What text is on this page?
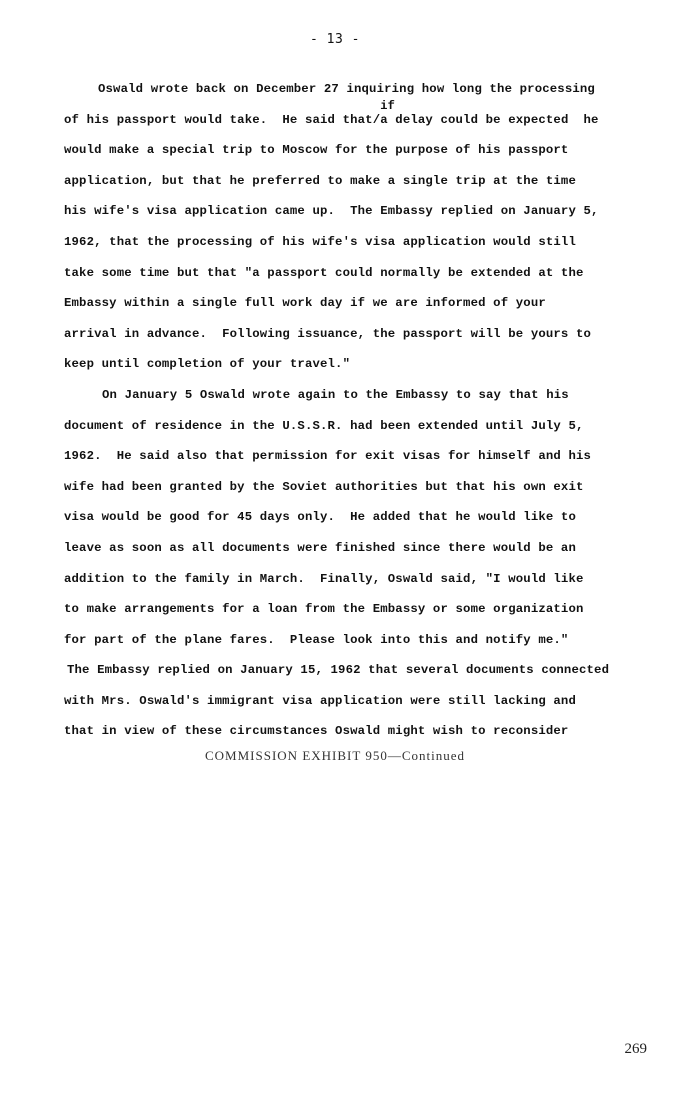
- 13 -
Oswald wrote back on December 27 inquiring how long the processing
of his passport would take.  He said that/
if
a delay could be expected  he
would make a special trip to Moscow for the purpose of his passport
application, but that he preferred to make a single trip at the time
his wife's visa application came up.  The Embassy replied on January 5,
1962, that the processing of his wife's visa application would still
take some time but that "a passport could normally be extended at the
Embassy within a single full work day if we are informed of your
arrival in advance.  Following issuance, the passport will be yours to
keep until completion of your travel."
On January 5 Oswald wrote again to the Embassy to say that his
document of residence in the U.S.S.R. had been extended until July 5,
1962.  He said also that permission for exit visas for himself and his
wife had been granted by the Soviet authorities but that his own exit
visa would be good for 45 days only.  He added that he would like to
leave as soon as all documents were finished since there would be an
addition to the family in March.  Finally, Oswald said, "I would like
to make arrangements for a loan from the Embassy or some organization
for part of the plane fares.  Please look into this and notify me."
The Embassy replied on January 15, 1962 that several documents connected
with Mrs. Oswald's immigrant visa application were still lacking and
that in view of these circumstances Oswald might wish to reconsider
COMMISSION EXHIBIT 950—Continued
269
